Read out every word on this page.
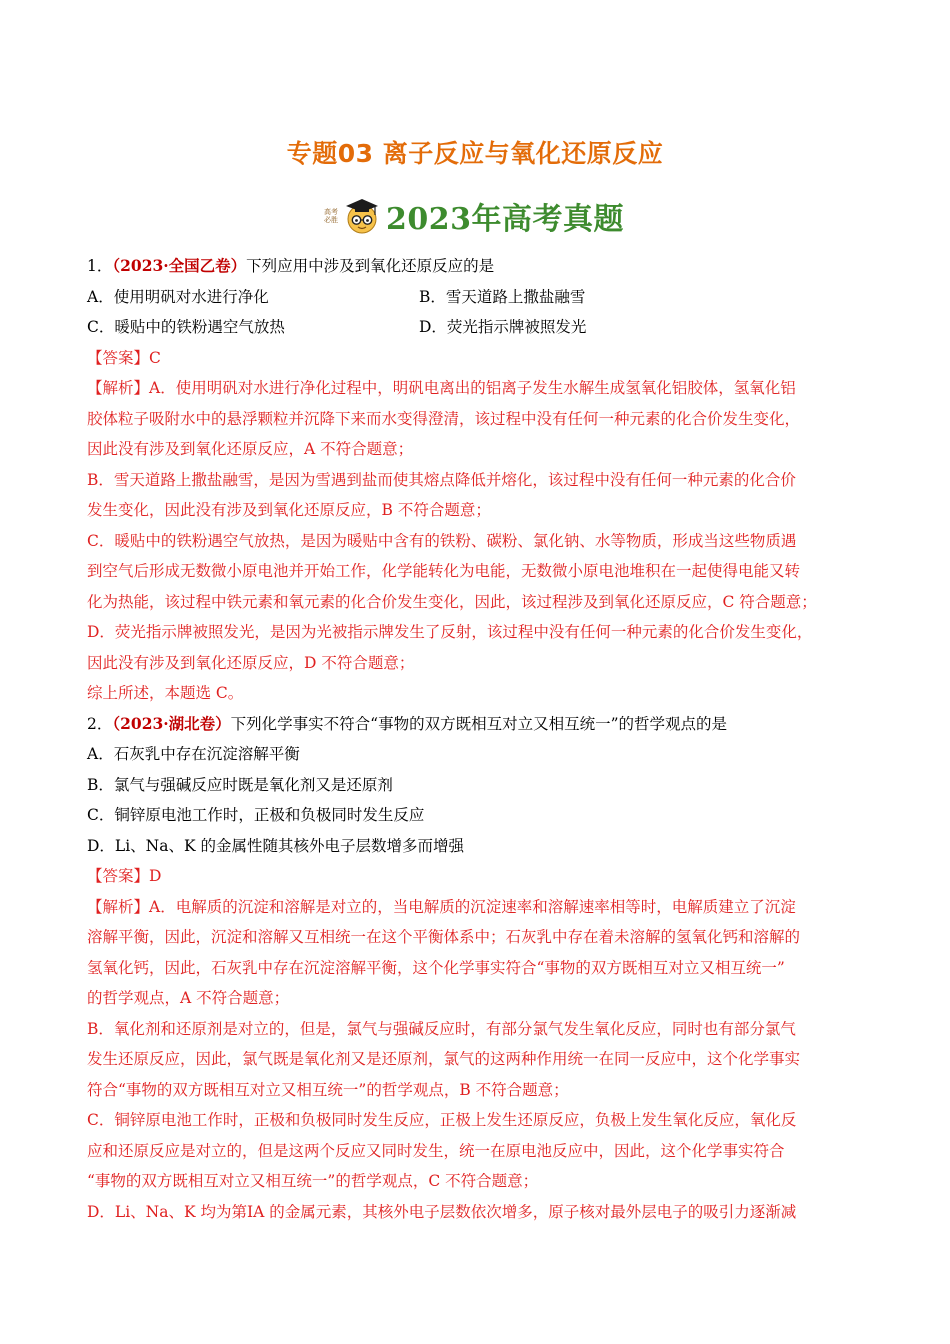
专题03 离子反应与氧化还原反应
高考必胜 2023年高考真题
1．（2023·全国乙卷）下列应用中涉及到氧化还原反应的是
A．使用明矾对水进行净化	B．雪天道路上撒盐融雪
C．暖贴中的铁粉遇空气放热	D．荧光指示牌被照发光
【答案】C
【解析】A．使用明矾对水进行净化过程中，明矾电离出的铝离子发生水解生成氢氧化铝胶体，氢氧化铝
胶体粒子吸附水中的悬浮颗粒并沉降下来而水变得澄清，该过程中没有任何一种元素的化合价发生变化，
因此没有涉及到氧化还原反应，A 不符合题意；
B．雪天道路上撒盐融雪，是因为雪遇到盐而使其熔点降低并熔化，该过程中没有任何一种元素的化合价
发生变化，因此没有涉及到氧化还原反应，B 不符合题意；
C．暖贴中的铁粉遇空气放热，是因为暖贴中含有的铁粉、碳粉、氯化钠、水等物质，形成当这些物质遇
到空气后形成无数微小原电池并开始工作，化学能转化为电能，无数微小原电池堆积在一起使得电能又转
化为热能，该过程中铁元素和氧元素的化合价发生变化，因此，该过程涉及到氧化还原反应，C 符合题意；
D．荧光指示牌被照发光，是因为光被指示牌发生了反射，该过程中没有任何一种元素的化合价发生变化，
因此没有涉及到氧化还原反应，D 不符合题意；
综上所述，本题选 C。
2．（2023·湖北卷）下列化学事实不符合“事物的双方既相互对立又相互统一”的哲学观点的是
A．石灰乳中存在沉淀溶解平衡
B．氯气与强碱反应时既是氧化剂又是还原剂
C．铜锌原电池工作时，正极和负极同时发生反应
D．Li、Na、K 的金属性随其核外电子层数增多而增强
【答案】D
【解析】A．电解质的沉淀和溶解是对立的，当电解质的沉淀速率和溶解速率相等时，电解质建立了沉淀
溶解平衡，因此，沉淀和溶解又互相统一在这个平衡体系中；石灰乳中存在着未溶解的氢氧化钙和溶解的
氢氧化钙，因此，石灰乳中存在沉淀溶解平衡，这个化学事实符合“事物的双方既相互对立又相互统一”
的哲学观点，A 不符合题意；
B．氧化剂和还原剂是对立的，但是，氯气与强碱反应时，有部分氯气发生氧化反应，同时也有部分氯气
发生还原反应，因此，氯气既是氧化剂又是还原剂，氯气的这两种作用统一在同一反应中，这个化学事实
符合“事物的双方既相互对立又相互统一”的哲学观点，B 不符合题意；
C．铜锌原电池工作时，正极和负极同时发生反应，正极上发生还原反应，负极上发生氧化反应，氧化反
应和还原反应是对立的，但是这两个反应又同时发生，统一在原电池反应中，因此，这个化学事实符合
“事物的双方既相互对立又相互统一”的哲学观点，C 不符合题意；
D．Li、Na、K 均为第ⅠA 的金属元素，其核外电子层数依次增多，原子核对最外层电子的吸引力逐渐减
